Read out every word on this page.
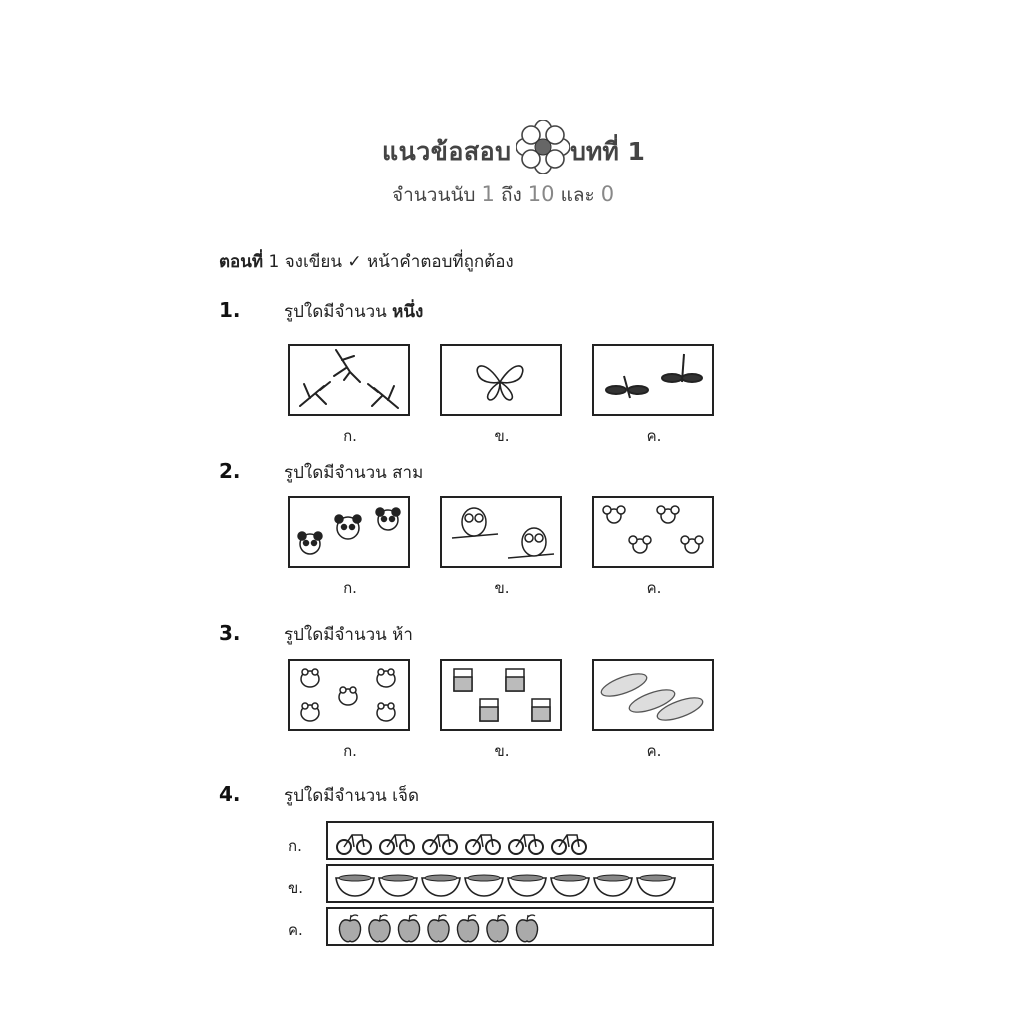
แนวข้อสอบ บทที่ 1
จำนวนนับ 1 ถึง 10 และ 0
ตอนที่ 1 จงเขียน ✓ หน้าคำตอบที่ถูกต้อง
1.	รูปใดมีจำนวน หนึ่ง
ก.	ข.	ค.
2.	รูปใดมีจำนวน สาม
ก.	ข.	ค.
3.	รูปใดมีจำนวน ห้า
ก.	ข.	ค.
4.	รูปใดมีจำนวน เจ็ด
ก.
ข.
ค.
